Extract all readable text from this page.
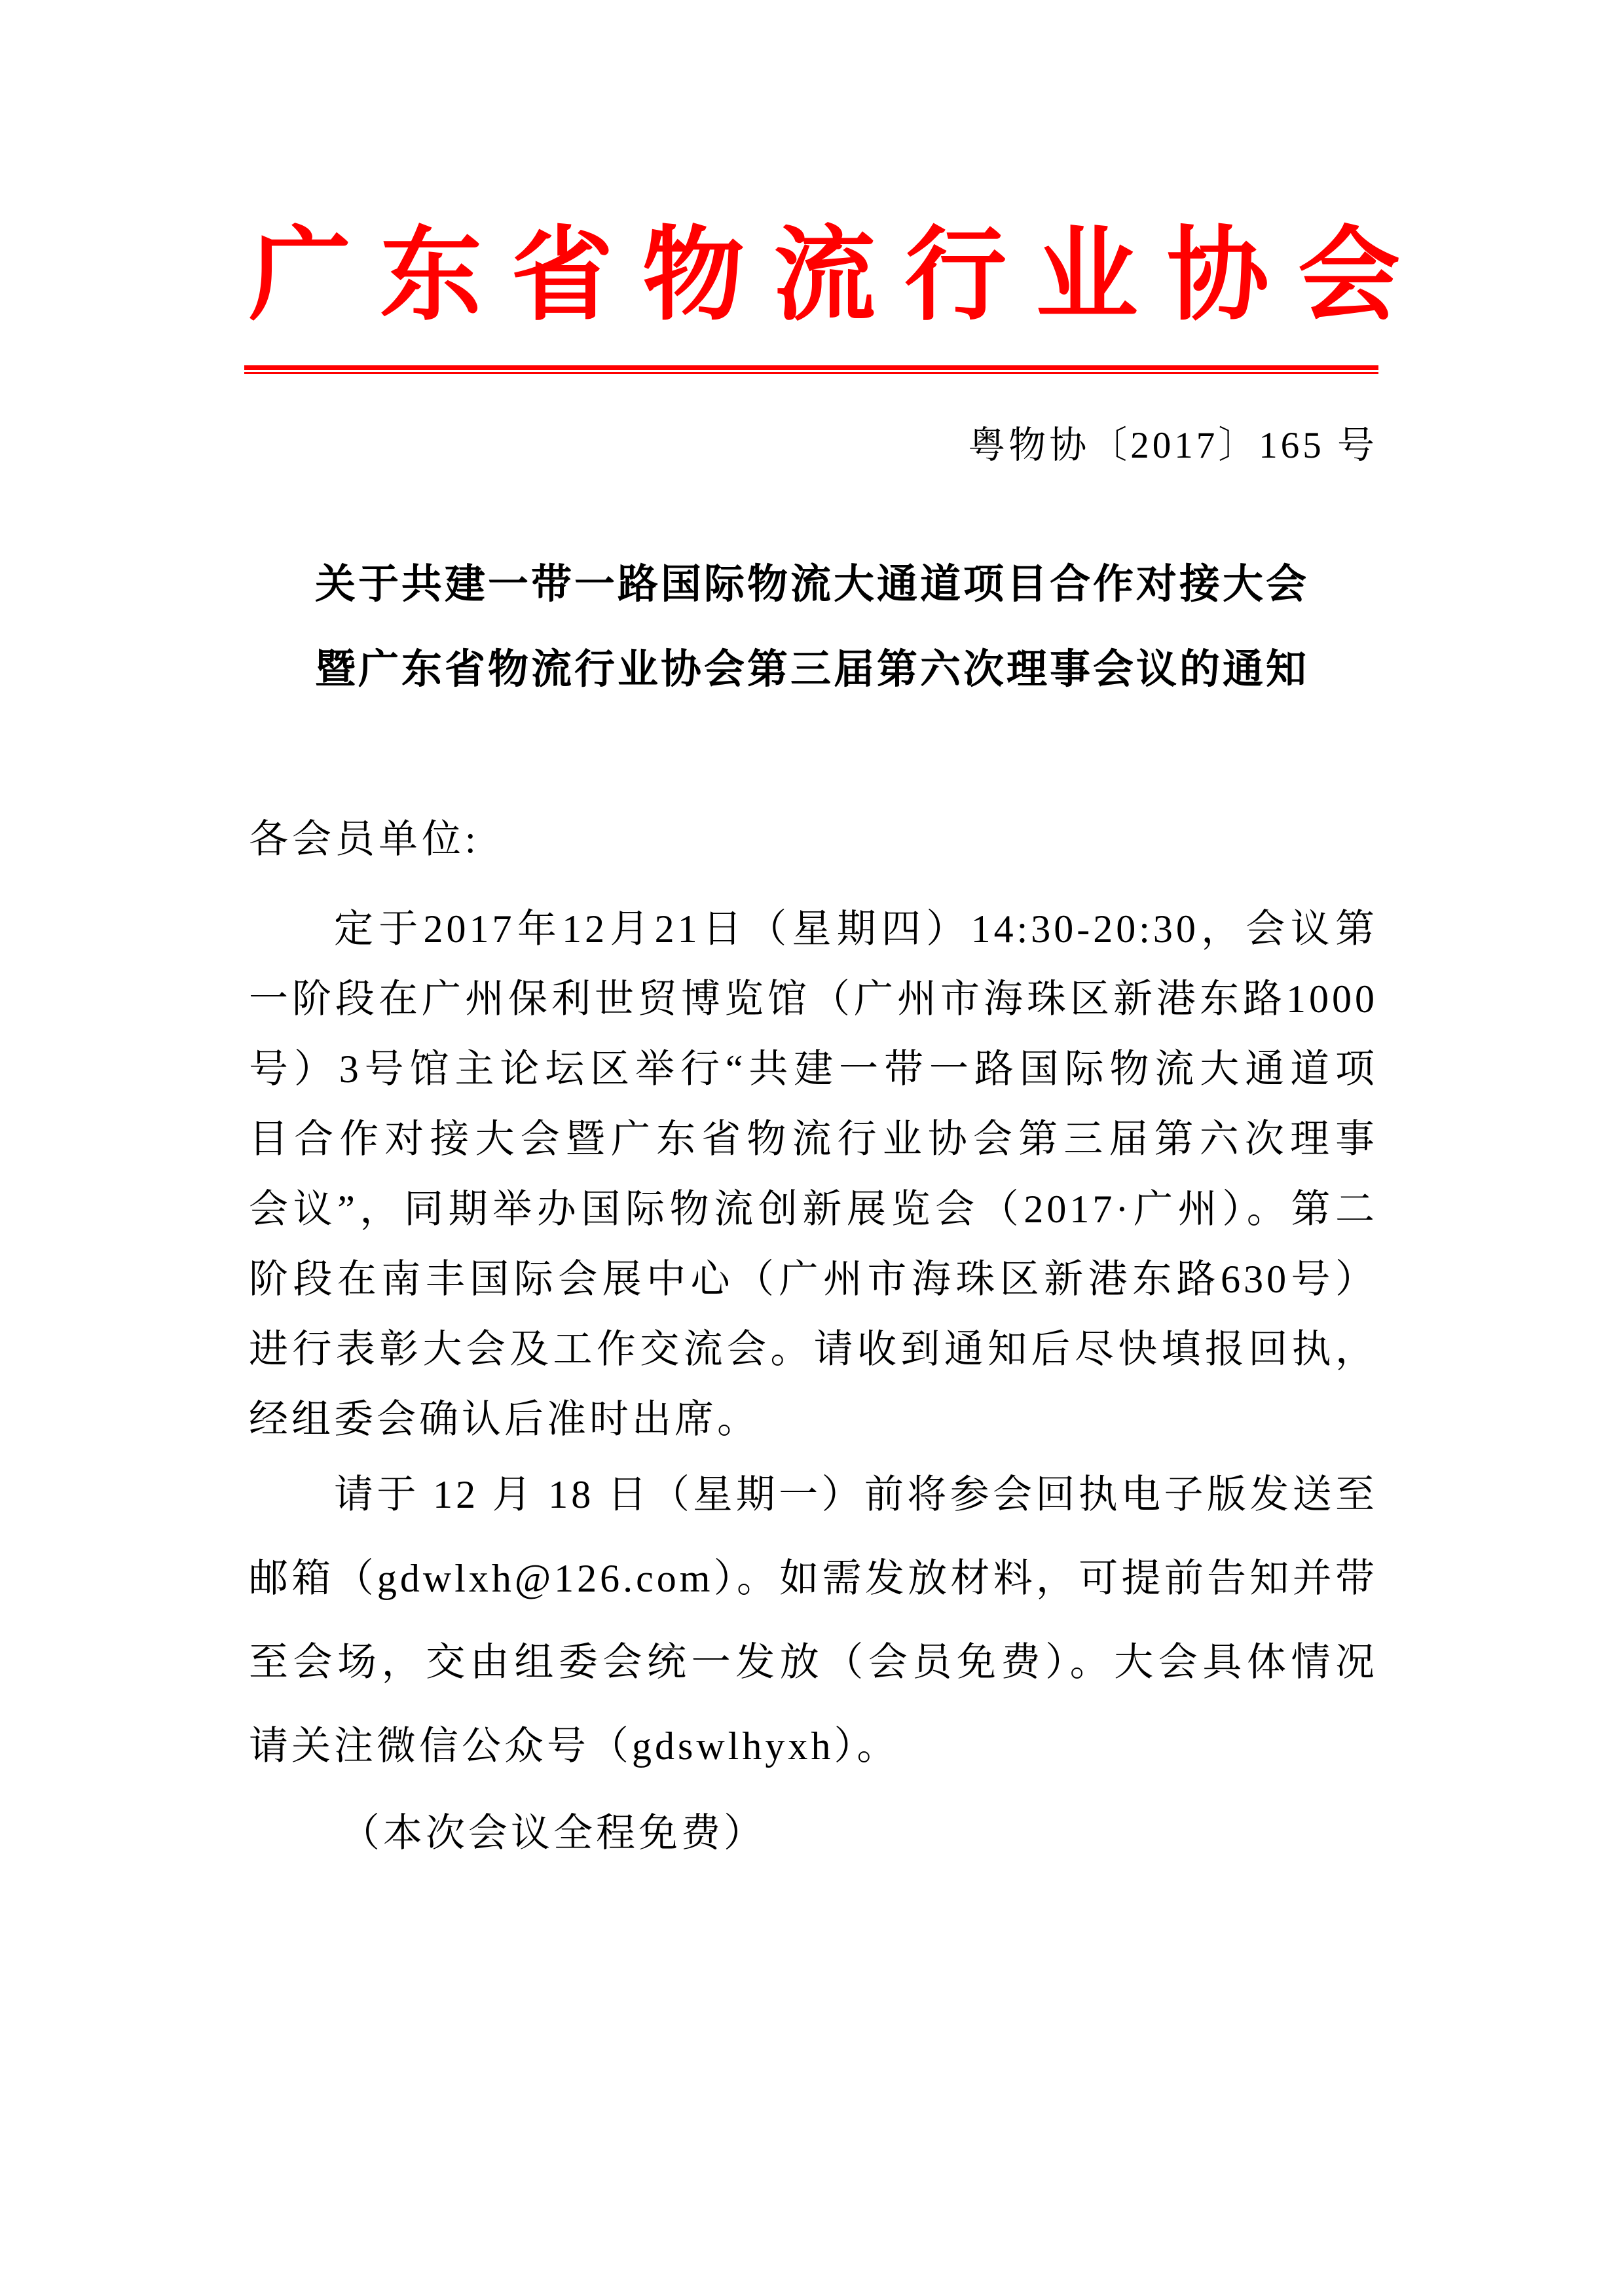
广东省物流行业协会
粤物协〔2017〕165 号
关于共建一带一路国际物流大通道项目合作对接大会
暨广东省物流行业协会第三届第六次理事会议的通知
各会员单位:
定于2017年12月21日（星期四）14:30-20:30，会议第
一阶段在广州保利世贸博览馆（广州市海珠区新港东路1000
号）3号馆主论坛区举行“共建一带一路国际物流大通道项
目合作对接大会暨广东省物流行业协会第三届第六次理事
会议”，同期举办国际物流创新展览会（2017·广州）。第二
阶段在南丰国际会展中心（广州市海珠区新港东路630号）
进行表彰大会及工作交流会。请收到通知后尽快填报回执，
经组委会确认后准时出席。
请于 12 月 18 日（星期一）前将参会回执电子版发送至
邮箱（gdwlxh@126.com）。如需发放材料，可提前告知并带
至会场，交由组委会统一发放（会员免费）。大会具体情况
请关注微信公众号（gdswlhyxh）。
（本次会议全程免费）
